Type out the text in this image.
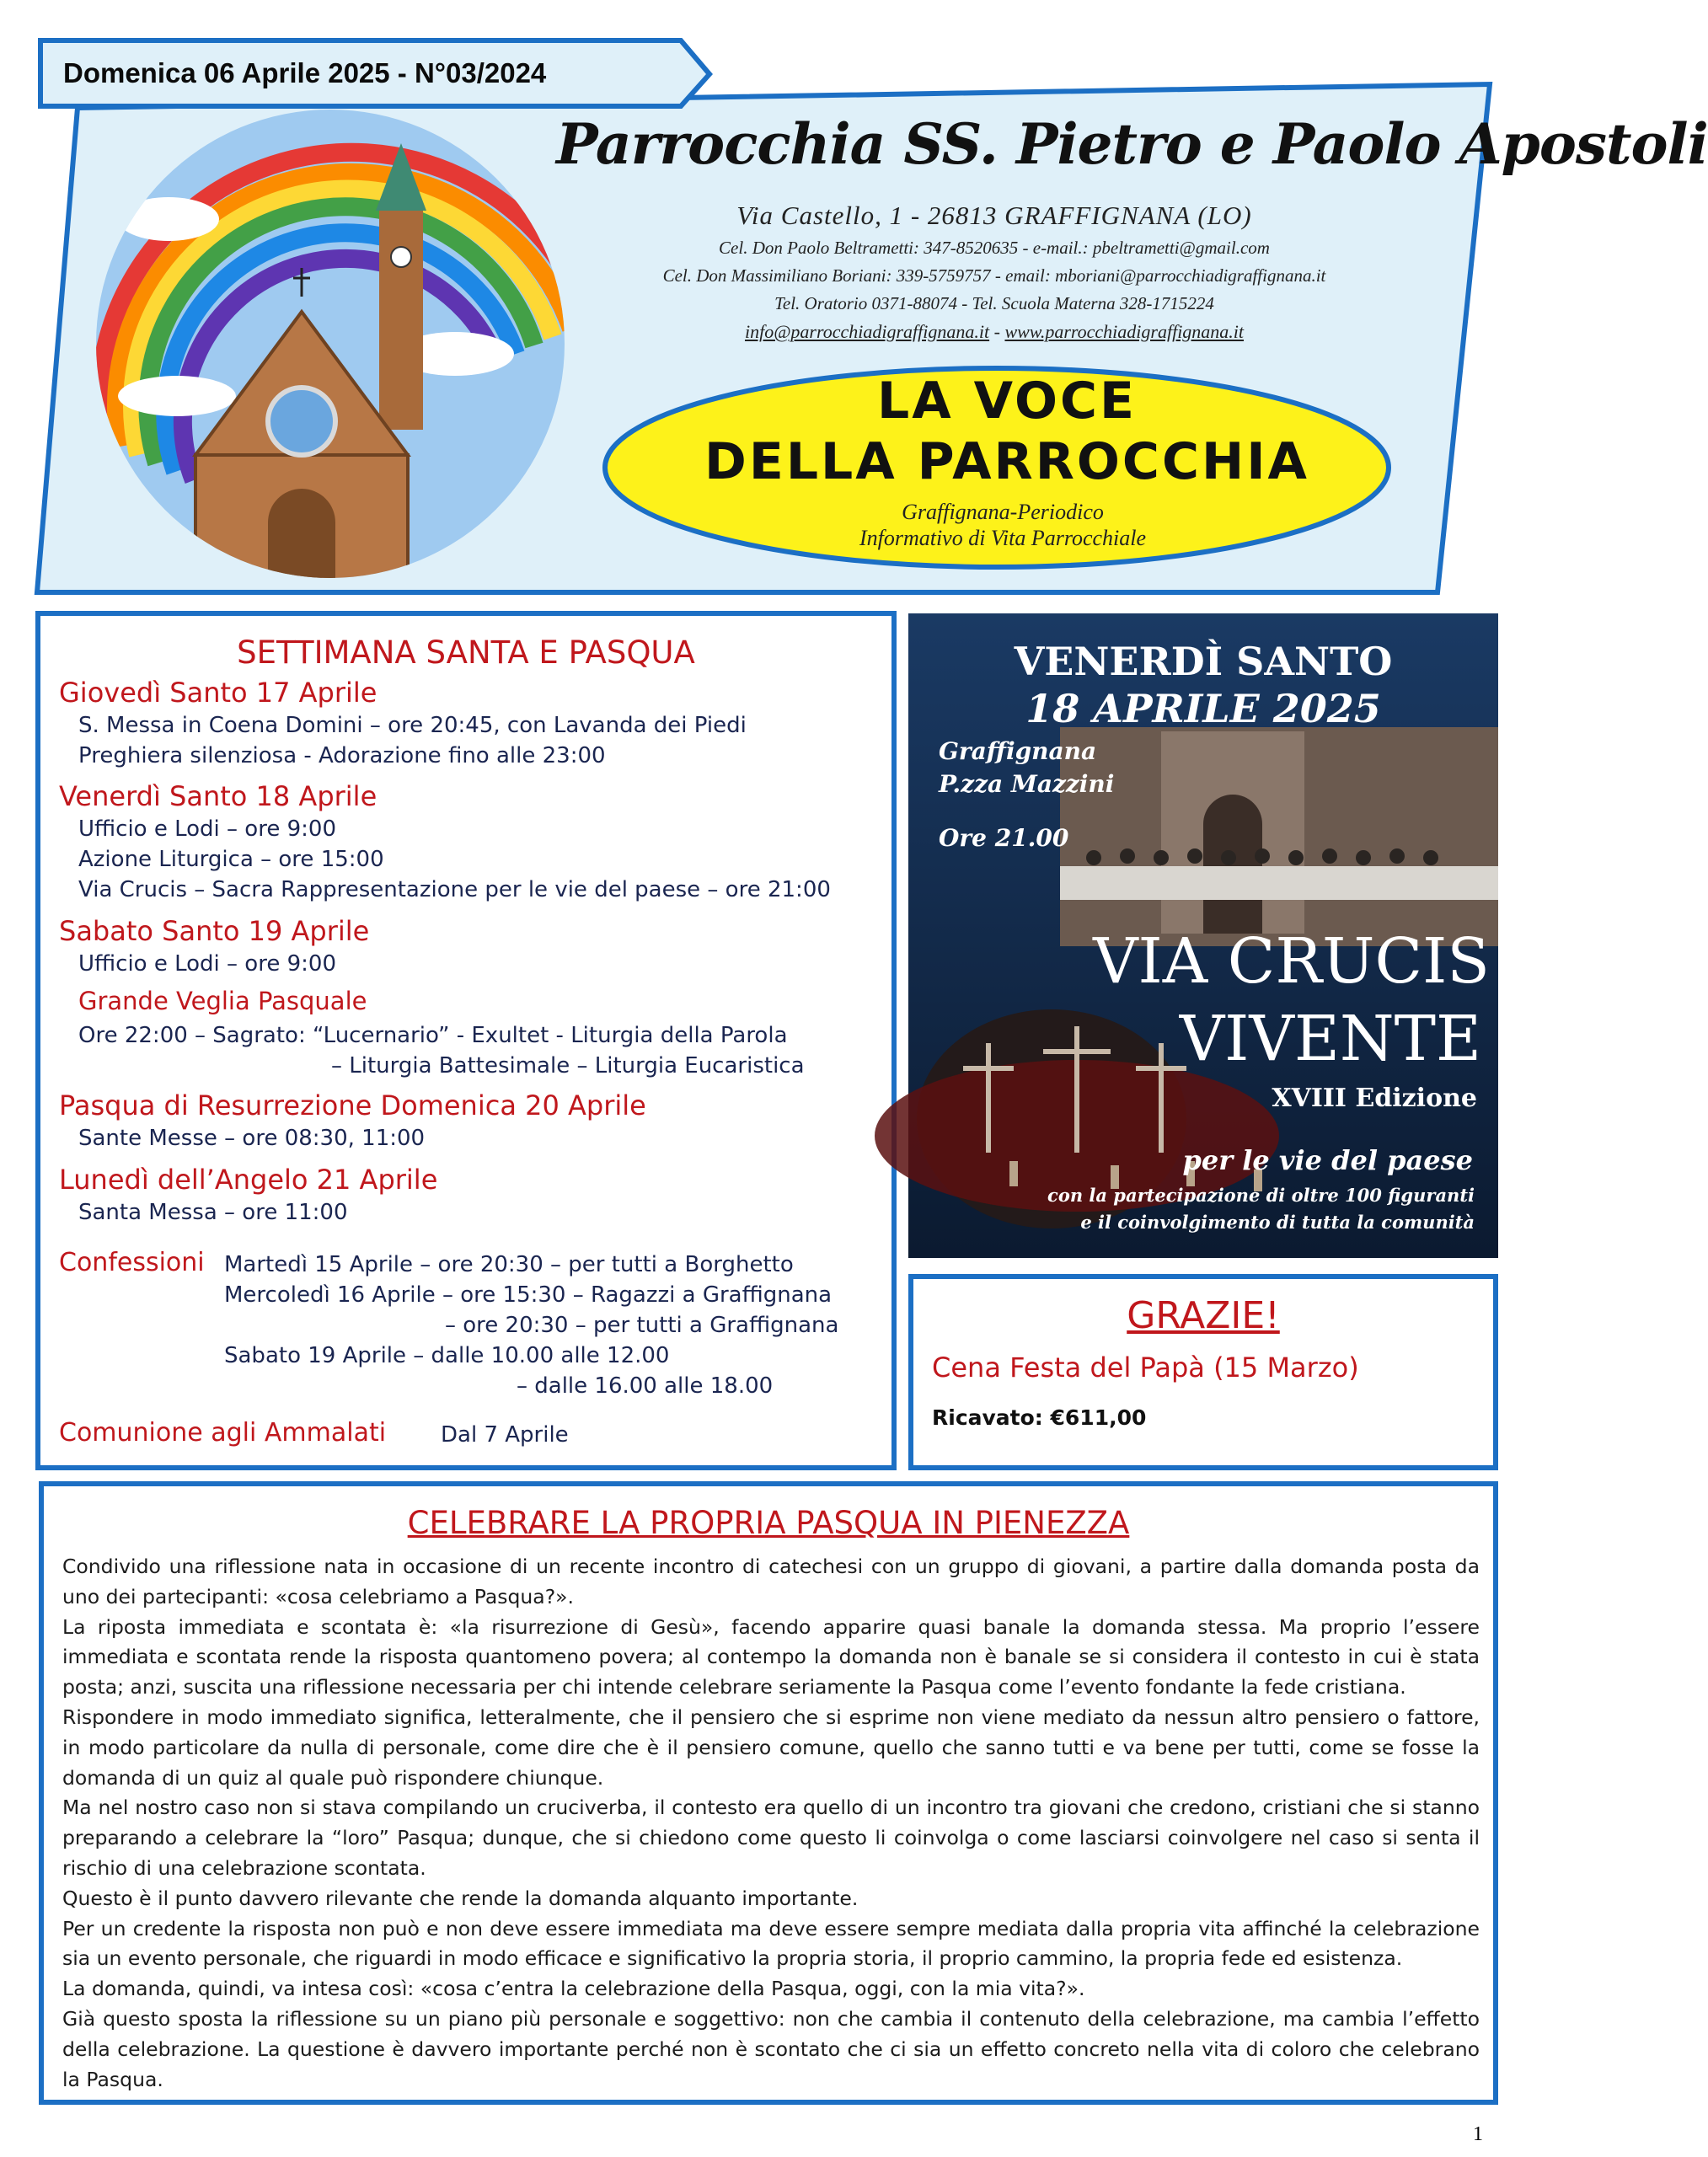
Domenica 06 Aprile 2025 - N°03/2024
Parrocchia SS. Pietro e Paolo Apostoli
Via Castello, 1 - 26813 GRAFFIGNANA (LO)
Cel. Don Paolo Beltrametti: 347-8520635 - e-mail.: pbeltrametti@gmail.com
Cel. Don Massimiliano Boriani: 339-5759757 - email: mboriani@parrocchiadigraffignana.it
Tel. Oratorio 0371-88074 - Tel. Scuola Materna 328-1715224
info@parrocchiadigraffignana.it - www.parrocchiadigraffignana.it
LA VOCE
DELLA PARROCCHIA
Graffignana-Periodico
Informativo di Vita Parrocchiale
SETTIMANA SANTA E PASQUA
Giovedì Santo 17 Aprile
S. Messa in Coena Domini – ore 20:45, con Lavanda dei Piedi
Preghiera silenziosa - Adorazione fino alle 23:00
Venerdì Santo 18 Aprile
Ufficio e Lodi – ore 9:00
Azione Liturgica – ore 15:00
Via Crucis – Sacra Rappresentazione per le vie del paese – ore 21:00
Sabato Santo 19 Aprile
Ufficio e Lodi – ore 9:00
Grande Veglia Pasquale
Ore 22:00 – Sagrato: “Lucernario” - Exultet - Liturgia della Parola
– Liturgia Battesimale – Liturgia Eucaristica
Pasqua di Resurrezione Domenica 20 Aprile
Sante Messe – ore 08:30, 11:00
Lunedì dell’Angelo 21 Aprile
Santa Messa – ore 11:00
Confessioni Martedì 15 Aprile – ore 20:30 – per tutti a Borghetto
Mercoledì 16 Aprile – ore 15:30 – Ragazzi a Graffignana
– ore 20:30 – per tutti a Graffignana
Sabato 19 Aprile – dalle 10.00 alle 12.00
– dalle 16.00 alle 18.00
Comunione agli Ammalati Dal 7 Aprile
VENERDÌ SANTO
18 APRILE 2025
Graffignana
P.zza Mazzini
Ore 21.00
VIA CRUCIS
VIVENTE
XVIII Edizione
per le vie del paese
con la partecipazione di oltre 100 figuranti
e il coinvolgimento di tutta la comunità
GRAZIE!
Cena Festa del Papà (15 Marzo)
Ricavato: €611,00
CELEBRARE LA PROPRIA PASQUA IN PIENEZZA

Condivido una riflessione nata in occasione di un recente incontro di catechesi con un gruppo di giovani, a partire dalla domanda posta da uno dei partecipanti: «cosa celebriamo a Pasqua?».

La riposta immediata e scontata è: «la risurrezione di Gesù», facendo apparire quasi banale la domanda stessa. Ma proprio l’essere immediata e scontata rende la risposta quantomeno povera; al contempo la domanda non è banale se si considera il contesto in cui è stata posta; anzi, suscita una riflessione necessaria per chi intende celebrare seriamente la Pasqua come l’evento fondante la fede cristiana.

Rispondere in modo immediato significa, letteralmente, che il pensiero che si esprime non viene mediato da nessun altro pensiero o fattore, in modo particolare da nulla di personale, come dire che è il pensiero comune, quello che sanno tutti e va bene per tutti, come se fosse la domanda di un quiz al quale può rispondere chiunque.

Ma nel nostro caso non si stava compilando un cruciverba, il contesto era quello di un incontro tra giovani che credono, cristiani che si stanno preparando a celebrare la “loro” Pasqua; dunque, che si chiedono come questo li coinvolga o come lasciarsi coinvolgere nel caso si senta il rischio di una celebrazione scontata.

Questo è il punto davvero rilevante che rende la domanda alquanto importante.

Per un credente la risposta non può e non deve essere immediata ma deve essere sempre mediata dalla propria vita affinché la celebrazione sia un evento personale, che riguardi in modo efficace e significativo la propria storia, il proprio cammino, la propria fede ed esistenza.

La domanda, quindi, va intesa così: «cosa c’entra la celebrazione della Pasqua, oggi, con la mia vita?».

Già questo sposta la riflessione su un piano più personale e soggettivo: non che cambia il contenuto della celebrazione, ma cambia l’effetto della celebrazione. La questione è davvero importante perché non è scontato che ci sia un effetto concreto nella vita di coloro che celebrano la Pasqua.

1
